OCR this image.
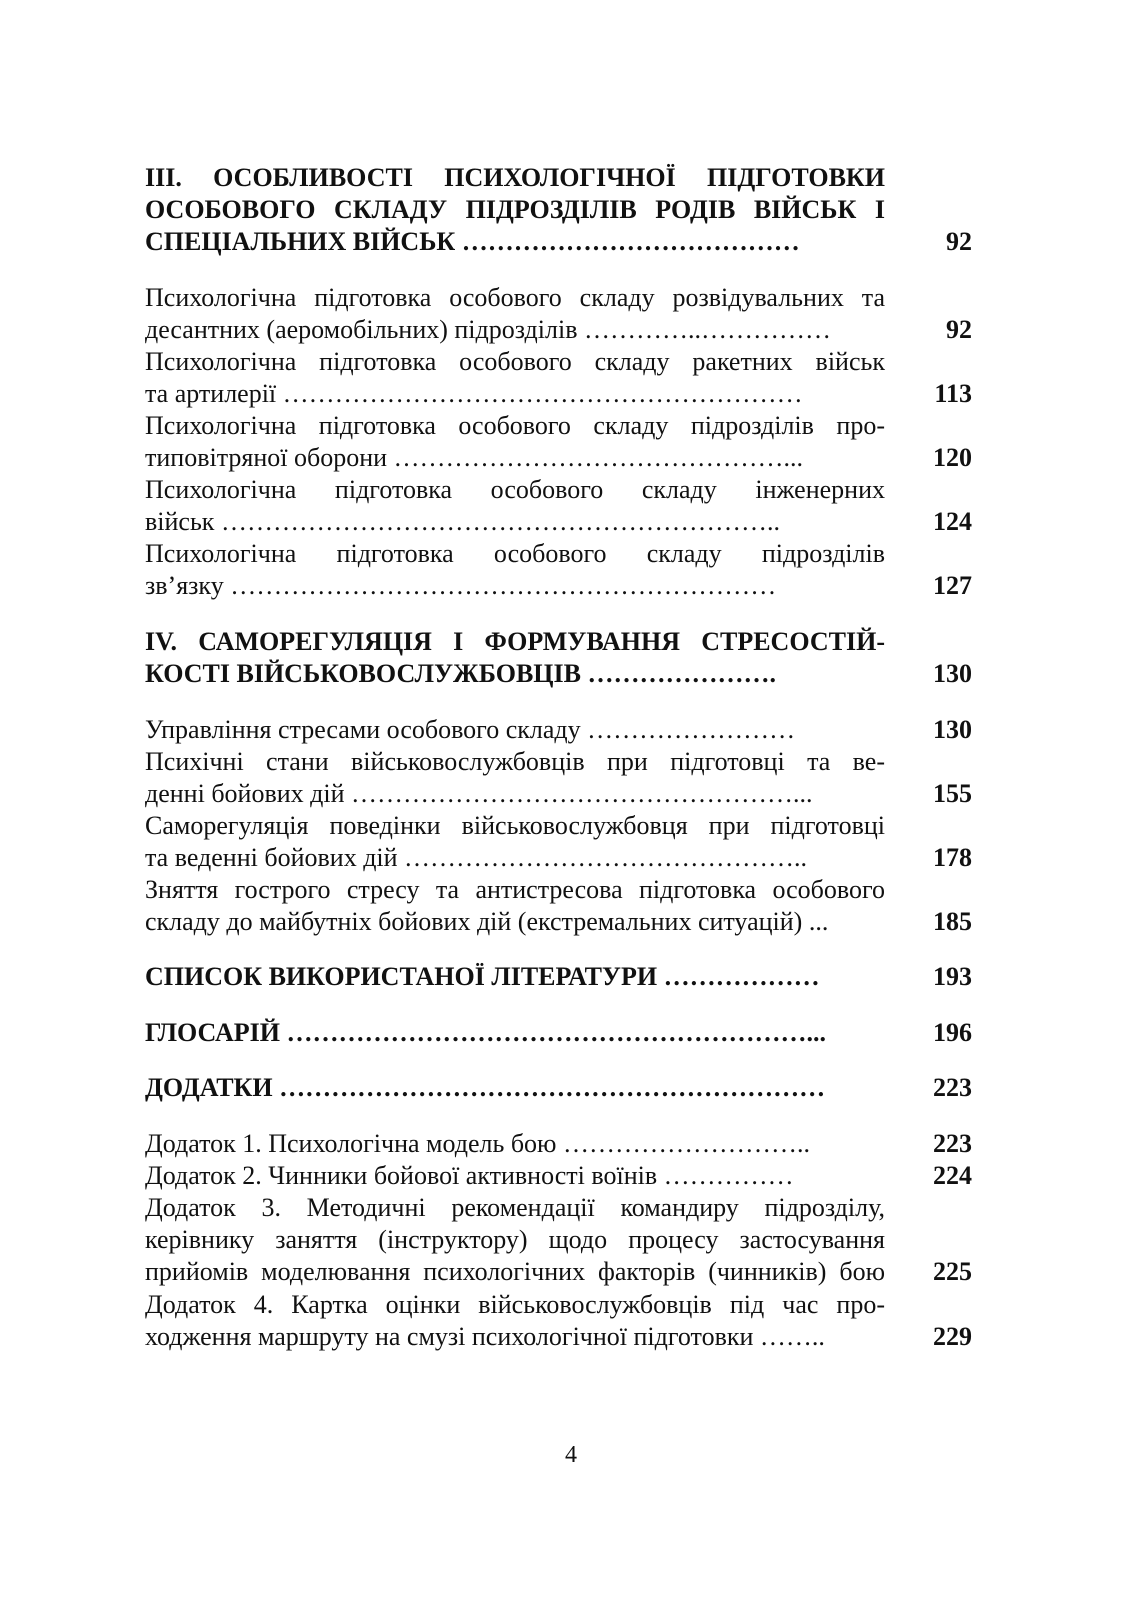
ІІІ. ОСОБЛИВОСТІ ПСИХОЛОГІЧНОЇ ПІДГОТОВКИ
ОСОБОВОГО СКЛАДУ ПІДРОЗДІЛІВ РОДІВ ВІЙСЬК І
СПЕЦІАЛЬНИХ ВІЙСЬК …………………………………	92
Психологічна підготовка особового складу розвідувальних та
десантних (аеромобільних) підрозділів …………..……………	92
Психологічна підготовка особового складу ракетних військ
та артилерії ……………………………………………………	113
Психологічна підготовка особового складу підрозділів про-
типовітряної оборони ………………………………………...	120
Психологічна підготовка особового складу інженерних
військ ………………………………………………………..	124
Психологічна підготовка особового складу підрозділів
зв’язку ………………………………………………………	127
IV. САМОРЕГУЛЯЦІЯ І ФОРМУВАННЯ СТРЕСОСТІЙ-
КОСТІ ВІЙСЬКОВОСЛУЖБОВЦІВ ………………….	130
Управління стресами особового складу ……………………	130
Психічні стани військовослужбовців при підготовці та ве-
денні бойових дій ……………………………………………...	155
Саморегуляція поведінки військовослужбовця при підготовці
та веденні бойових дій ………………………………………..	178
Зняття гострого стресу та антистресова підготовка особового
складу до майбутніх бойових дій (екстремальних ситуацій) ...	185
СПИСОК ВИКОРИСТАНОЇ ЛІТЕРАТУРИ ………………	193
ГЛОСАРІЙ ……………………………………………………...	196
ДОДАТКИ ………………………………………………………	223
Додаток 1. Психологічна модель бою ………………………..	223
Додаток 2. Чинники бойової активності воїнів ……………	224
Додаток 3. Методичні рекомендації командиру підрозділу,
керівнику заняття (інструктору) щодо процесу застосування
прийомів моделювання психологічних факторів (чинників) бою 225
Додаток 4. Картка оцінки військовослужбовців під час про-
ходження маршруту на смузі психологічної підготовки ……..	229
4
